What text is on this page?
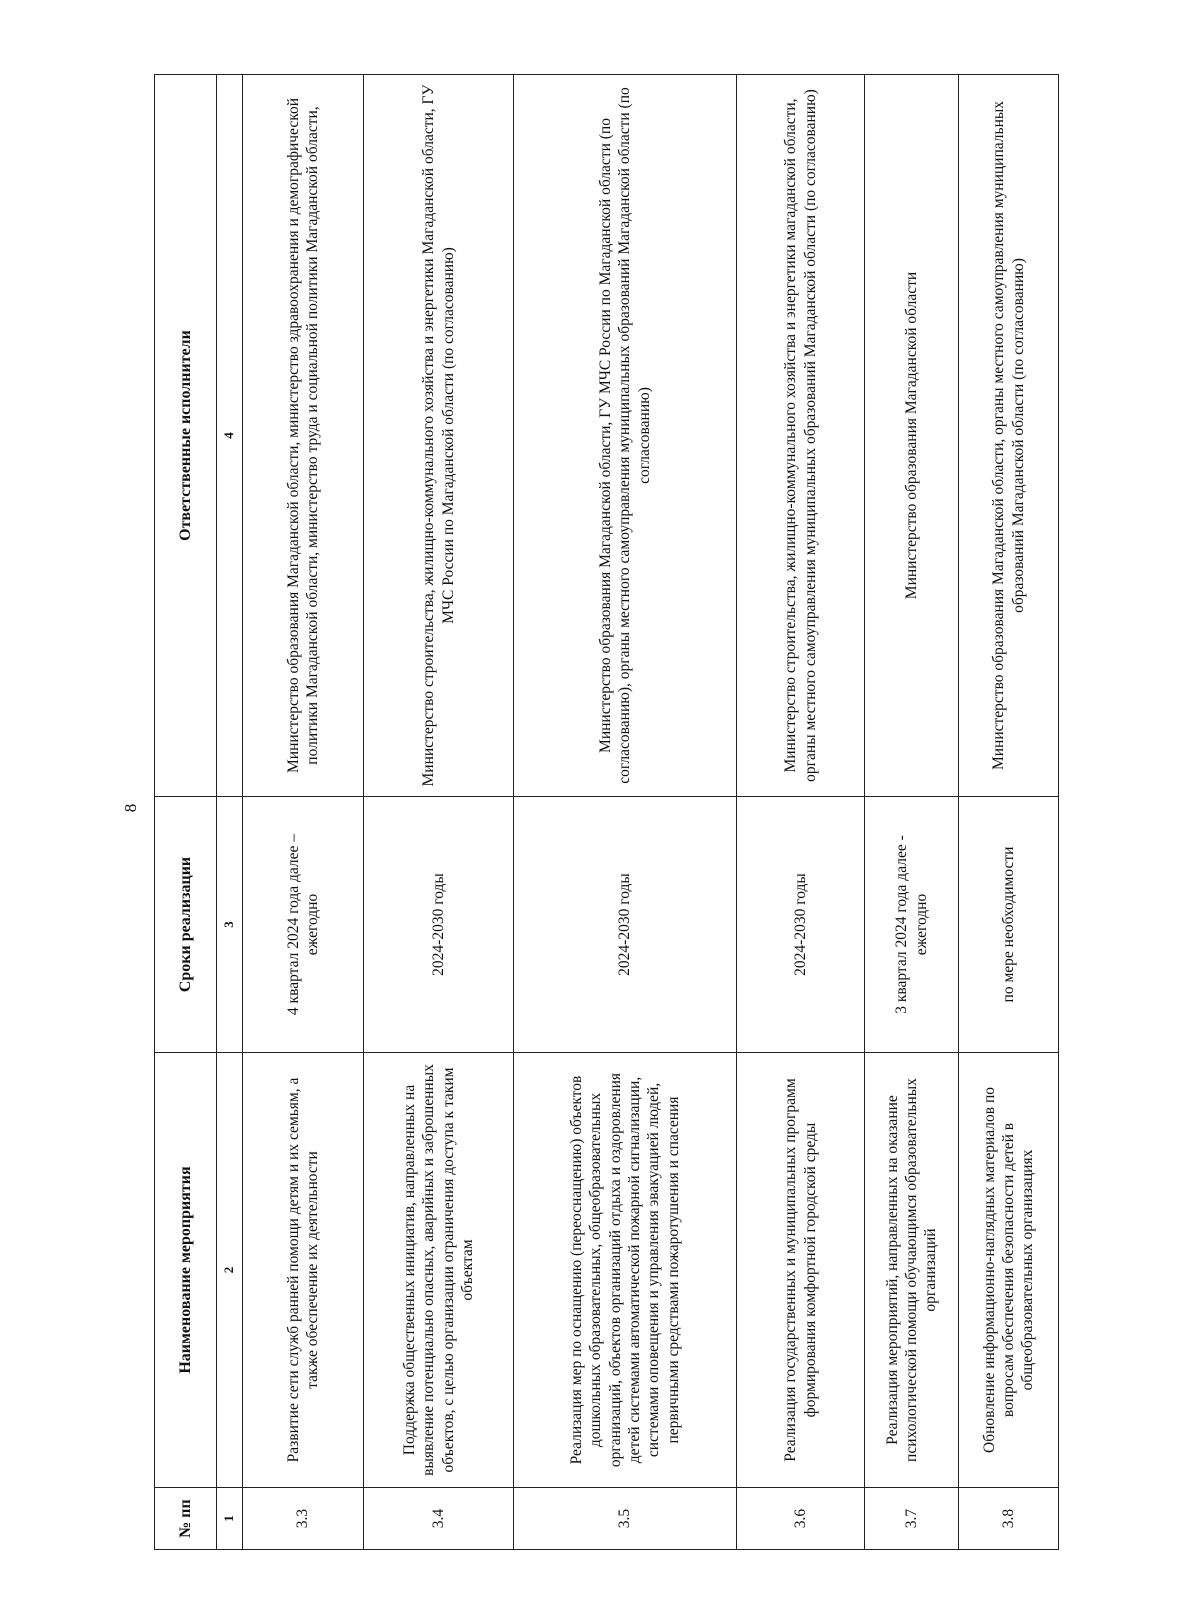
8
№ пп	Наименование мероприятия	Сроки реализации	Ответственные исполнители
1	2	3	4
3.3	Развитие сети служб ранней помощи детям и их семьям, а также обеспечение их деятельности	4 квартал 2024 года далее – ежегодно	Министерство образования Магаданской области, министерство здравоохранения и демографической политики Магаданской области, министерство труда и социальной политики Магаданской области,
3.4	Поддержка общественных инициатив, направленных на выявление потенциально опасных, аварийных и заброшенных объектов, с целью организации ограничения доступа к таким объектам	2024-2030 годы	Министерство строительства, жилищно-коммунального хозяйства и энергетики Магаданской области, ГУ МЧС России по Магаданской области (по согласованию)
3.5	Реализация мер по оснащению (переоснащению) объектов дошкольных образовательных, общеобразовательных организаций, объектов организаций отдыха и оздоровления детей системами автоматической пожарной сигнализации, системами оповещения и управления эвакуацией людей, первичными средствами пожаротушения и спасения	2024-2030 годы	Министерство образования Магаданской области, ГУ МЧС России по Магаданской области (по согласованию), органы местного самоуправления муниципальных образований Магаданской области (по согласованию)
3.6	Реализация государственных и муниципальных программ формирования комфортной городской среды	2024-2030 годы	Министерство строительства, жилищно-коммунального хозяйства и энергетики магаданской области, органы местного самоуправления муниципальных образований Магаданской области (по согласованию)
3.7	Реализация мероприятий, направленных на оказание психологической помощи обучающимся образовательных организаций	3 квартал 2024 года далее - ежегодно	Министерство образования Магаданской области
3.8	Обновление информационно-наглядных материалов по вопросам обеспечения безопасности детей в общеобразовательных организациях	по мере необходимости	Министерство образования Магаданской области, органы местного самоуправления муниципальных образований Магаданской области (по согласованию)
